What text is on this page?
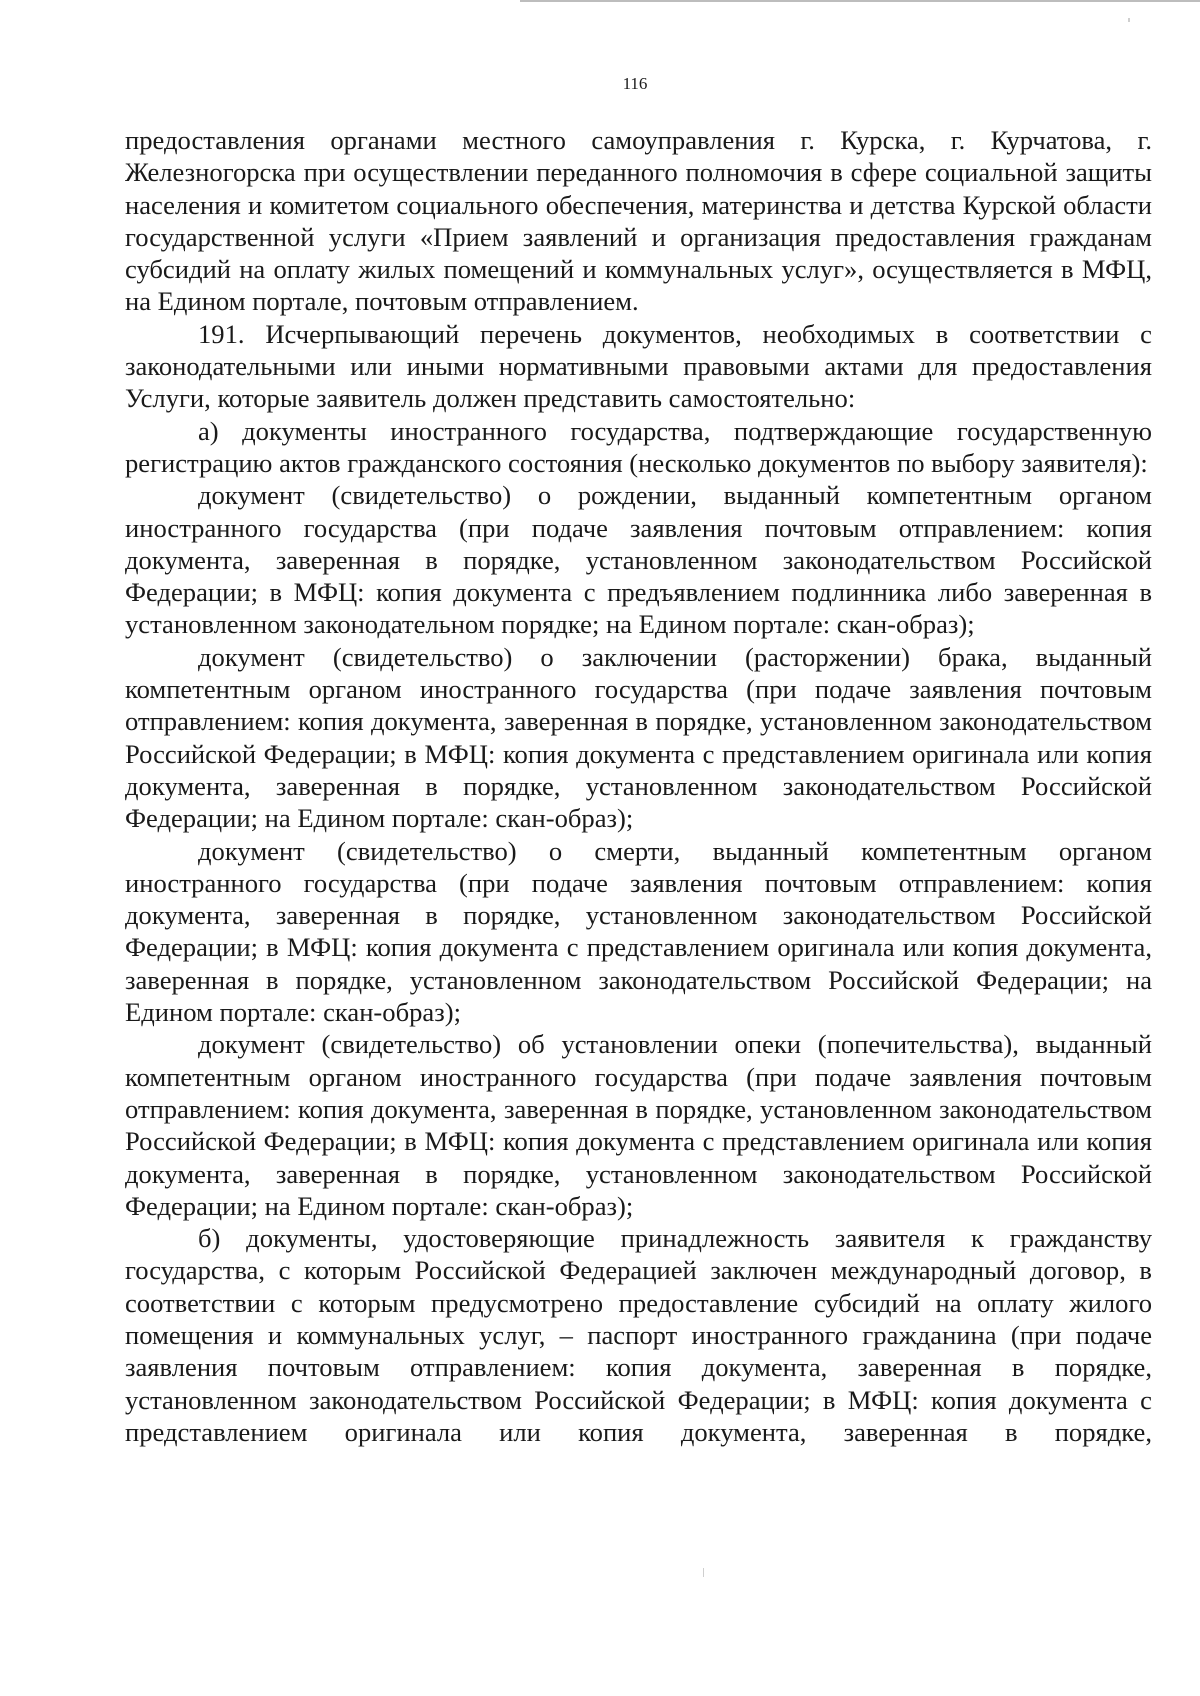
116

предоставления органами местного самоуправления г. Курска, г. Курчатова, г. Железногорска при осуществлении переданного полномочия в сфере социальной защиты населения и комитетом социального обеспечения, материнства и детства Курской области государственной услуги «Прием заявлений и организация предоставления гражданам субсидий на оплату жилых помещений и коммунальных услуг», осуществляется в МФЦ, на Едином портале, почтовым отправлением.

191. Исчерпывающий перечень документов, необходимых в соответствии с законодательными или иными нормативными правовыми актами для предоставления Услуги, которые заявитель должен представить самостоятельно:

а) документы иностранного государства, подтверждающие государственную регистрацию актов гражданского состояния (несколько документов по выбору заявителя):

документ (свидетельство) о рождении, выданный компетентным органом иностранного государства (при подаче заявления почтовым отправлением: копия документа, заверенная в порядке, установленном законодательством Российской Федерации; в МФЦ: копия документа с предъявлением подлинника либо заверенная в установленном законодательном порядке; на Едином портале: скан-образ);

документ (свидетельство) о заключении (расторжении) брака, выданный компетентным органом иностранного государства (при подаче заявления почтовым отправлением: копия документа, заверенная в порядке, установленном законодательством Российской Федерации; в МФЦ: копия документа с представлением оригинала или копия документа, заверенная в порядке, установленном законодательством Российской Федерации; на Едином портале: скан-образ);

документ (свидетельство) о смерти, выданный компетентным органом иностранного государства (при подаче заявления почтовым отправлением: копия документа, заверенная в порядке, установленном законодательством Российской Федерации; в МФЦ: копия документа с представлением оригинала или копия документа, заверенная в порядке, установленном законодательством Российской Федерации; на Едином портале: скан-образ);

документ (свидетельство) об установлении опеки (попечительства), выданный компетентным органом иностранного государства (при подаче заявления почтовым отправлением: копия документа, заверенная в порядке, установленном законодательством Российской Федерации; в МФЦ: копия документа с представлением оригинала или копия документа, заверенная в порядке, установленном законодательством Российской Федерации; на Едином портале: скан-образ);

б) документы, удостоверяющие принадлежность заявителя к гражданству государства, с которым Российской Федерацией заключен международный договор, в соответствии с которым предусмотрено предоставление субсидий на оплату жилого помещения и коммунальных услуг, – паспорт иностранного гражданина (при подаче заявления почтовым отправлением: копия документа, заверенная в порядке, установленном законодательством Российской Федерации; в МФЦ: копия документа с представлением оригинала или копия документа, заверенная в порядке,
